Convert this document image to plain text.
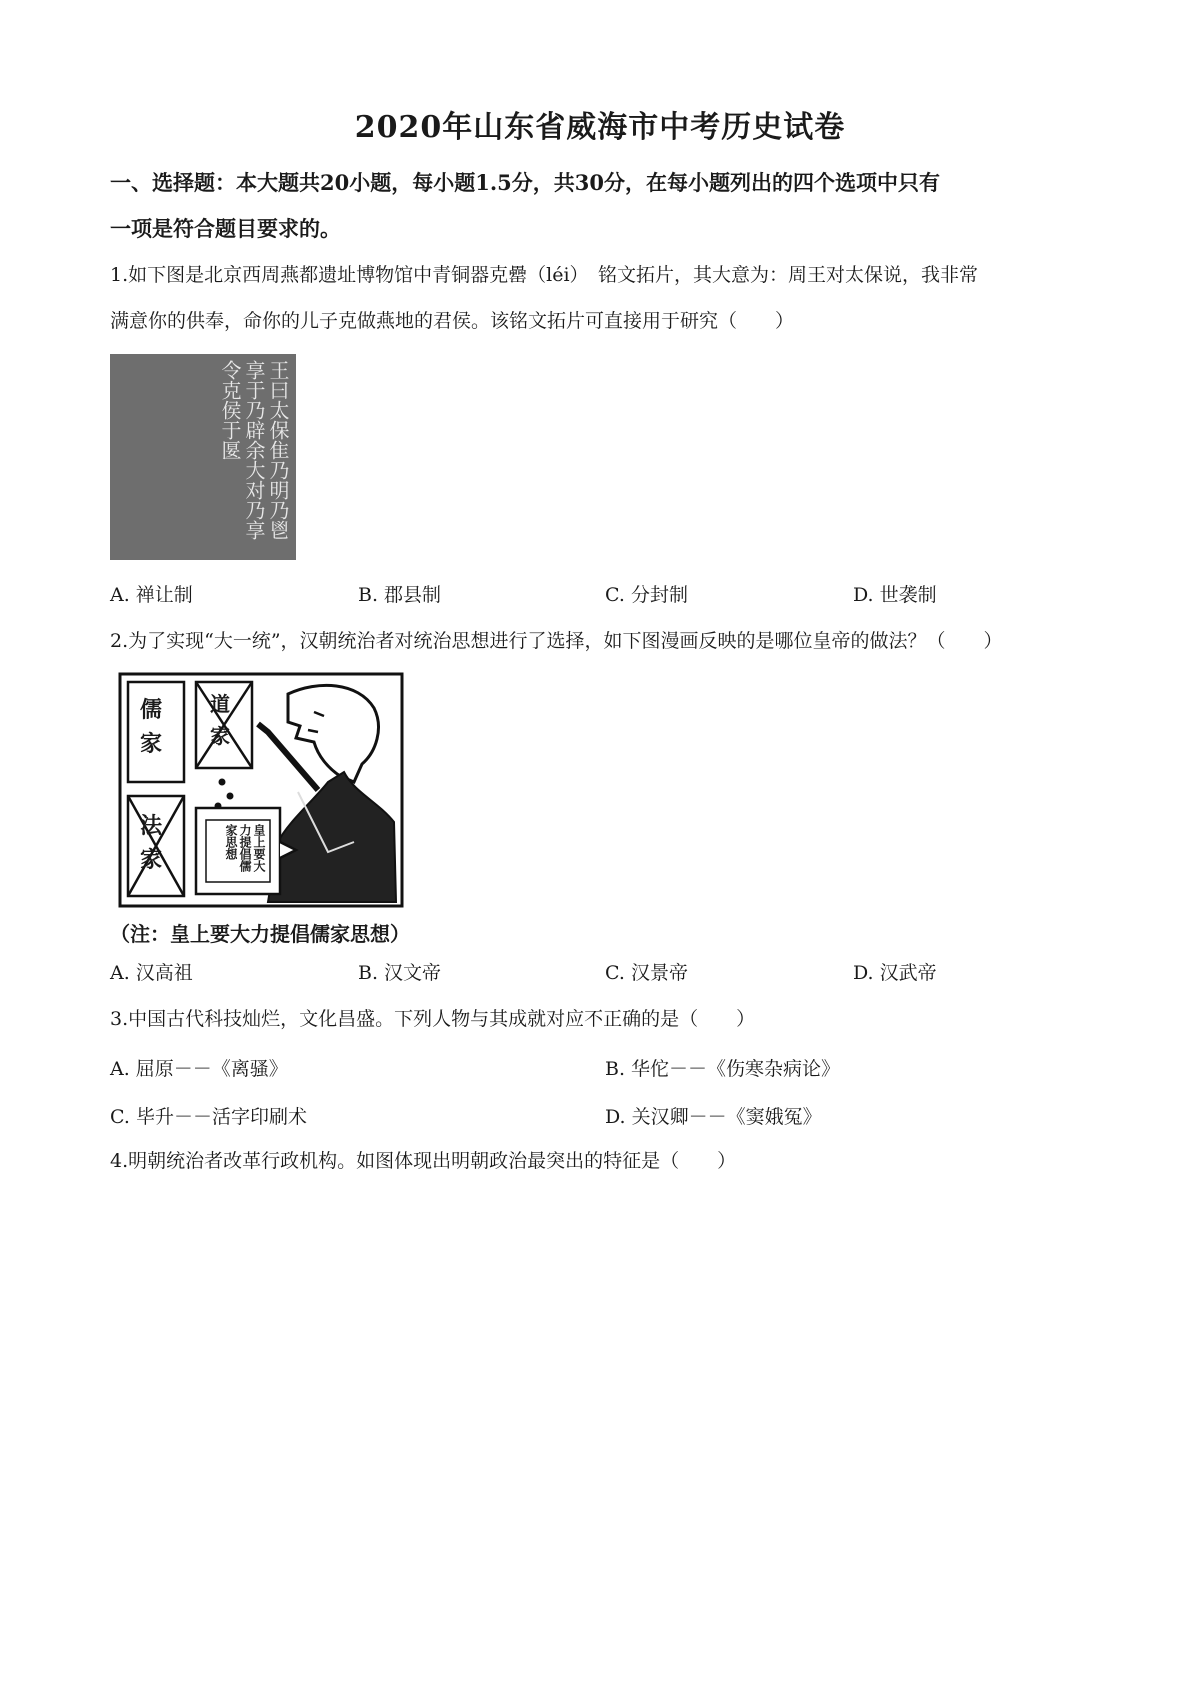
2020年山东省威海市中考历史试卷
一、选择题：本大题共20小题，每小题1.5分，共30分，在每小题列出的四个选项中只有
一项是符合题目要求的。
1.如下图是北京西周燕都遗址博物馆中青铜器克罍（léi）　铭文拓片，其大意为：周王对太保说，我非常
满意你的供奉，命你的儿子克做燕地的君侯。该铭文拓片可直接用于研究（　　）
王曰太保隹乃明乃鬯享于乃辟余大对乃享令克侯于匽
A. 禅让制	B. 郡县制	C. 分封制	D. 世袭制
2.为了实现“大一统”，汉朝统治者对统治思想进行了选择，如下图漫画反映的是哪位皇帝的做法？（　　）
儒家
道家
法家	皇上要大力提倡儒家思想
（注：皇上要大力提倡儒家思想）
A. 汉高祖	B. 汉文帝	C. 汉景帝	D. 汉武帝
3.中国古代科技灿烂，文化昌盛。下列人物与其成就对应不正确的是（　　）
A. 屈原－－《离骚》	B. 华佗－－《伤寒杂病论》
C. 毕升－－活字印刷术	D. 关汉卿－－《窦娥冤》
4.明朝统治者改革行政机构。如图体现出明朝政治最突出的特征是（　　）
